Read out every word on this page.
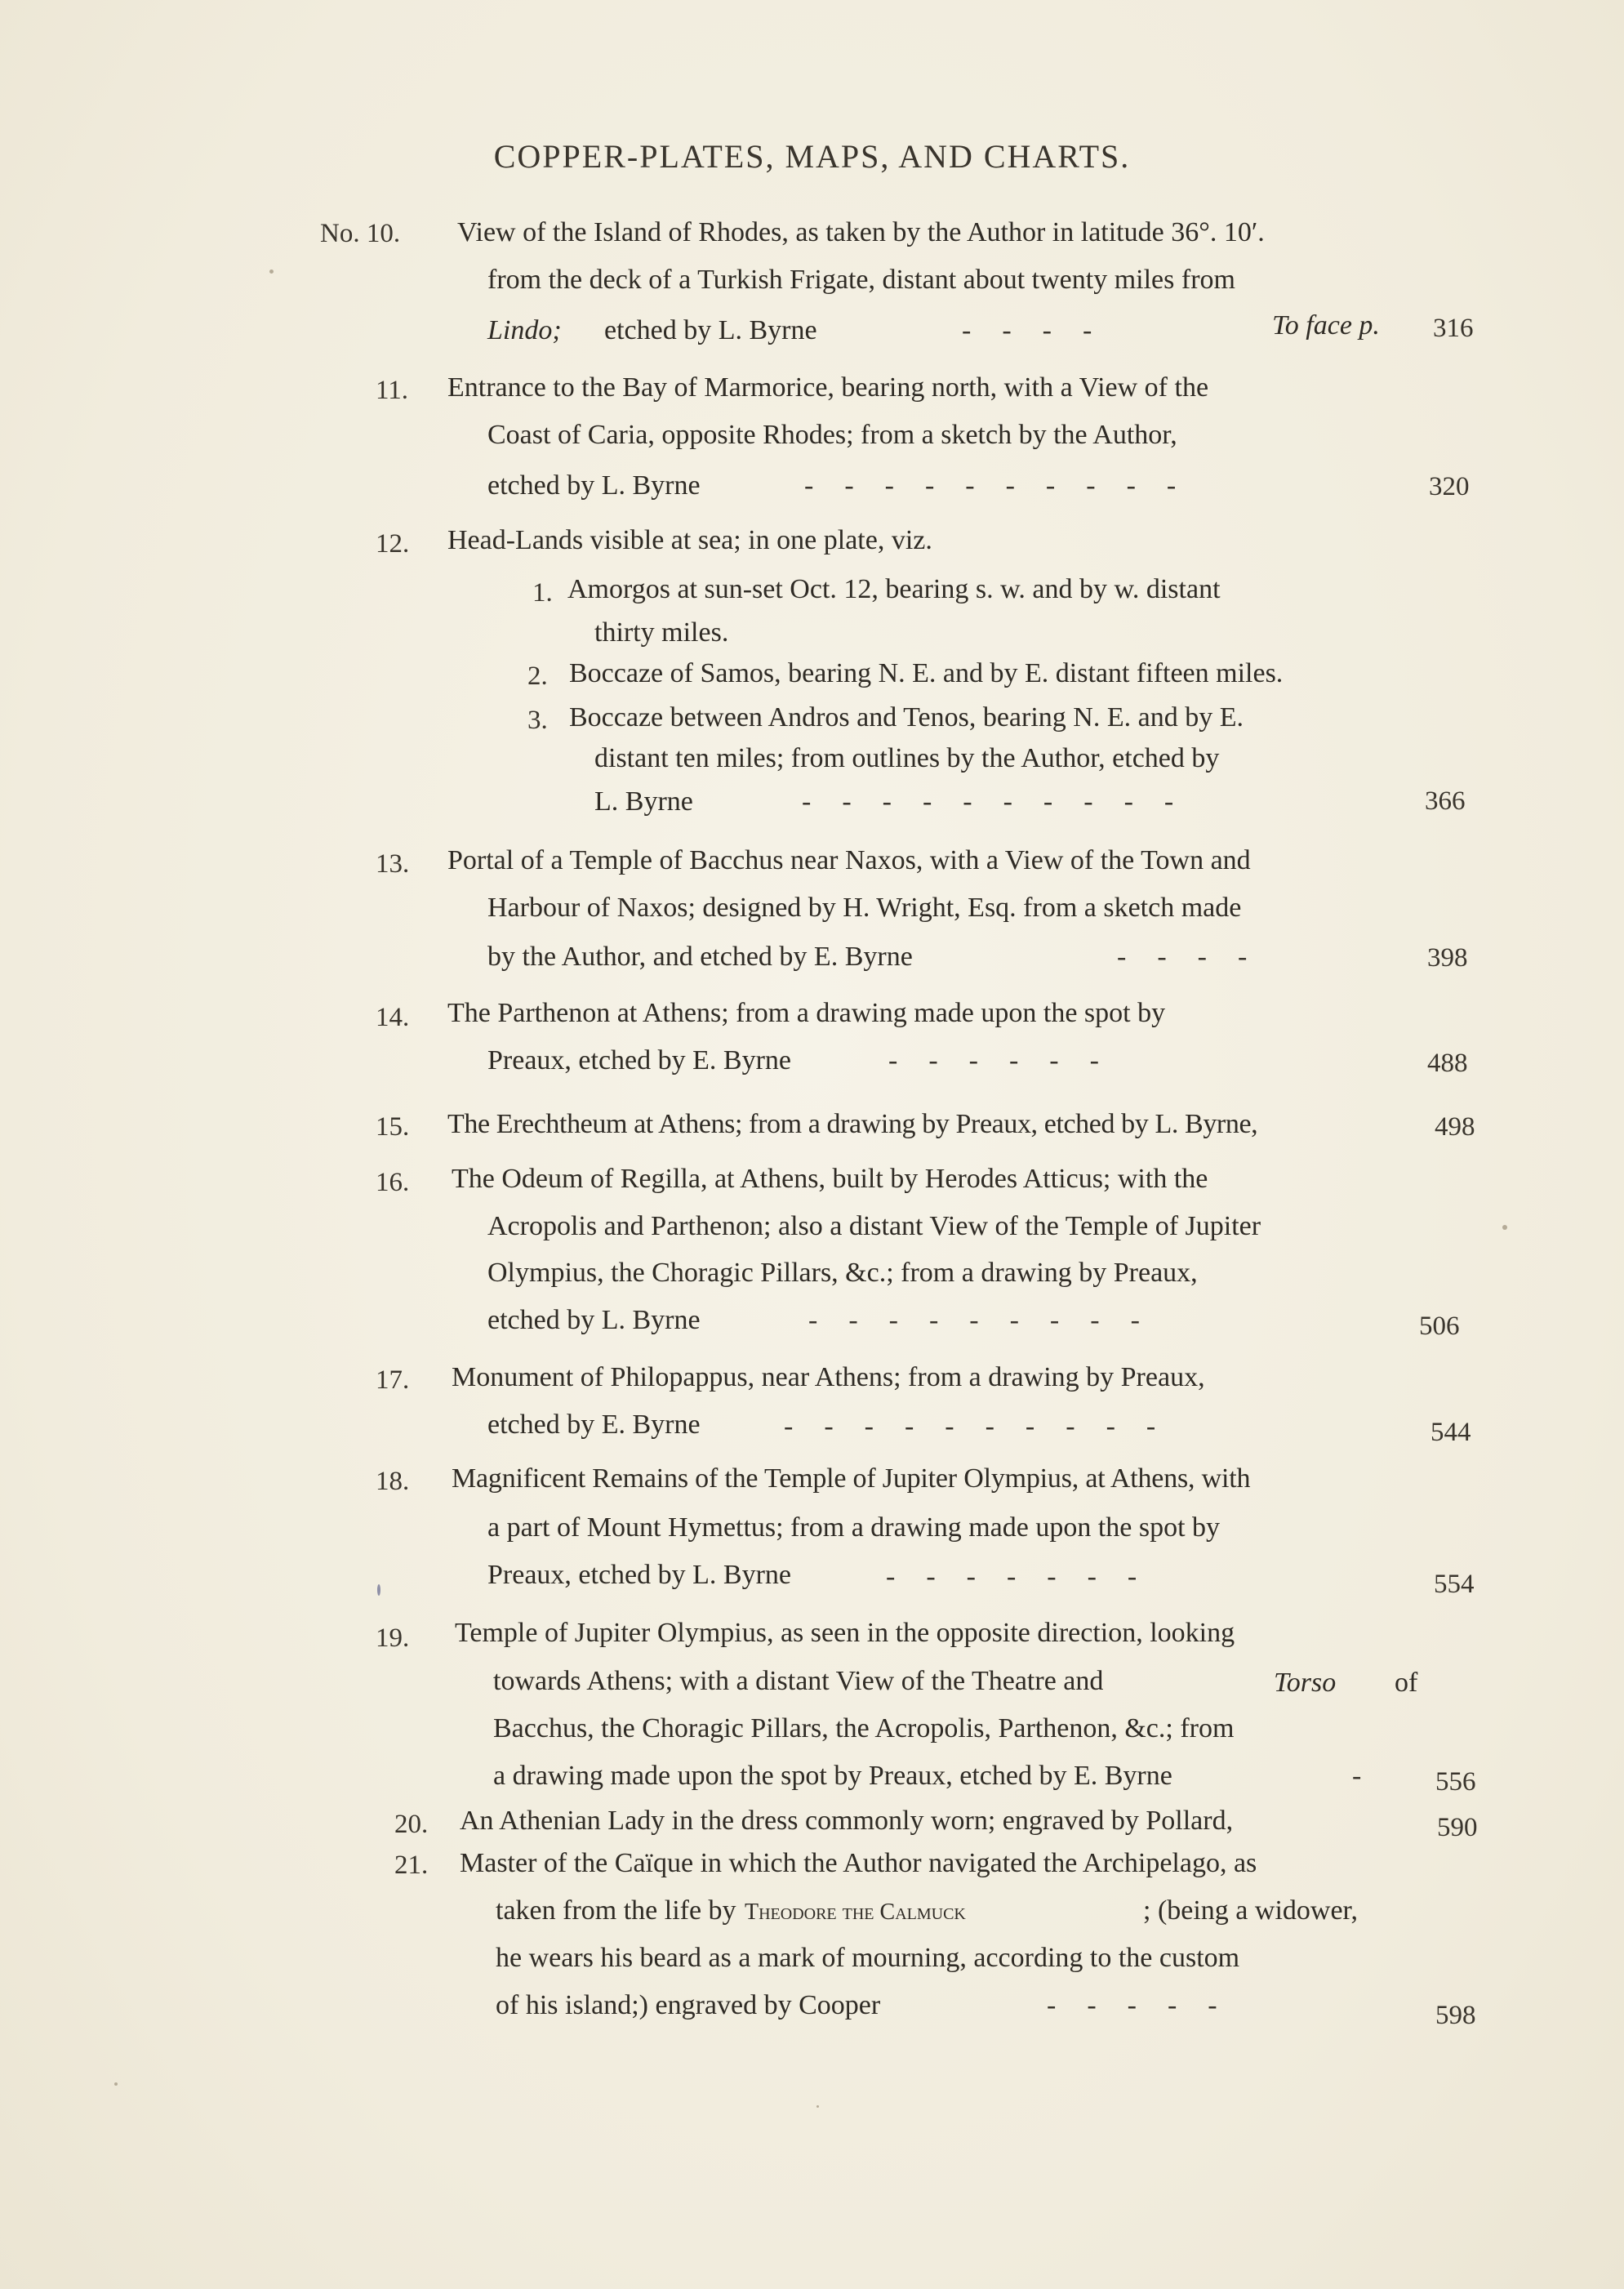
COPPER-PLATES, MAPS, AND CHARTS.
No. 10. View of the Island of Rhodes, as taken by the Author in latitude 36°. 10′.
from the deck of a Turkish Frigate, distant about twenty miles from
Lindo; etched by L. Byrne	----	To face p. 316
11. Entrance to the Bay of Marmorice, bearing north, with a View of the
Coast of Caria, opposite Rhodes; from a sketch by the Author,
etched by L. Byrne	----------	320
12. Head-Lands visible at sea; in one plate, viz.
1. Amorgos at sun-set Oct. 12, bearing s. w. and by w. distant
thirty miles.
2. Boccaze of Samos, bearing N. E. and by E. distant fifteen miles.
3. Boccaze between Andros and Tenos, bearing N. E. and by E.
distant ten miles; from outlines by the Author, etched by
L. Byrne	----------	366
13. Portal of a Temple of Bacchus near Naxos, with a View of the Town and
Harbour of Naxos; designed by H. Wright, Esq. from a sketch made
by the Author, and etched by E. Byrne	----	398
14. The Parthenon at Athens; from a drawing made upon the spot by
Preaux, etched by E. Byrne	------	488
15. The Erechtheum at Athens; from a drawing by Preaux, etched by L. Byrne,	498
16. The Odeum of Regilla, at Athens, built by Herodes Atticus; with the
Acropolis and Parthenon; also a distant View of the Temple of Jupiter
Olympius, the Choragic Pillars, &c.; from a drawing by Preaux,
etched by L. Byrne	---------	506
17. Monument of Philopappus, near Athens; from a drawing by Preaux,
etched by E. Byrne	----------	544
18. Magnificent Remains of the Temple of Jupiter Olympius, at Athens, with
a part of Mount Hymettus; from a drawing made upon the spot by
Preaux, etched by L. Byrne	-------	554
19. Temple of Jupiter Olympius, as seen in the opposite direction, looking
towards Athens; with a distant View of the Theatre and	Torso of
Bacchus, the Choragic Pillars, the Acropolis, Parthenon, &c.; from
a drawing made upon the spot by Preaux, etched by E. Byrne	- 556
20. An Athenian Lady in the dress commonly worn; engraved by Pollard,	590
21. Master of the Caïque in which the Author navigated the Archipelago, as
taken from the life by Theodore the Calmuck	; (being a widower,
he wears his beard as a mark of mourning, according to the custom
of his island;) engraved by Cooper	-----	598
